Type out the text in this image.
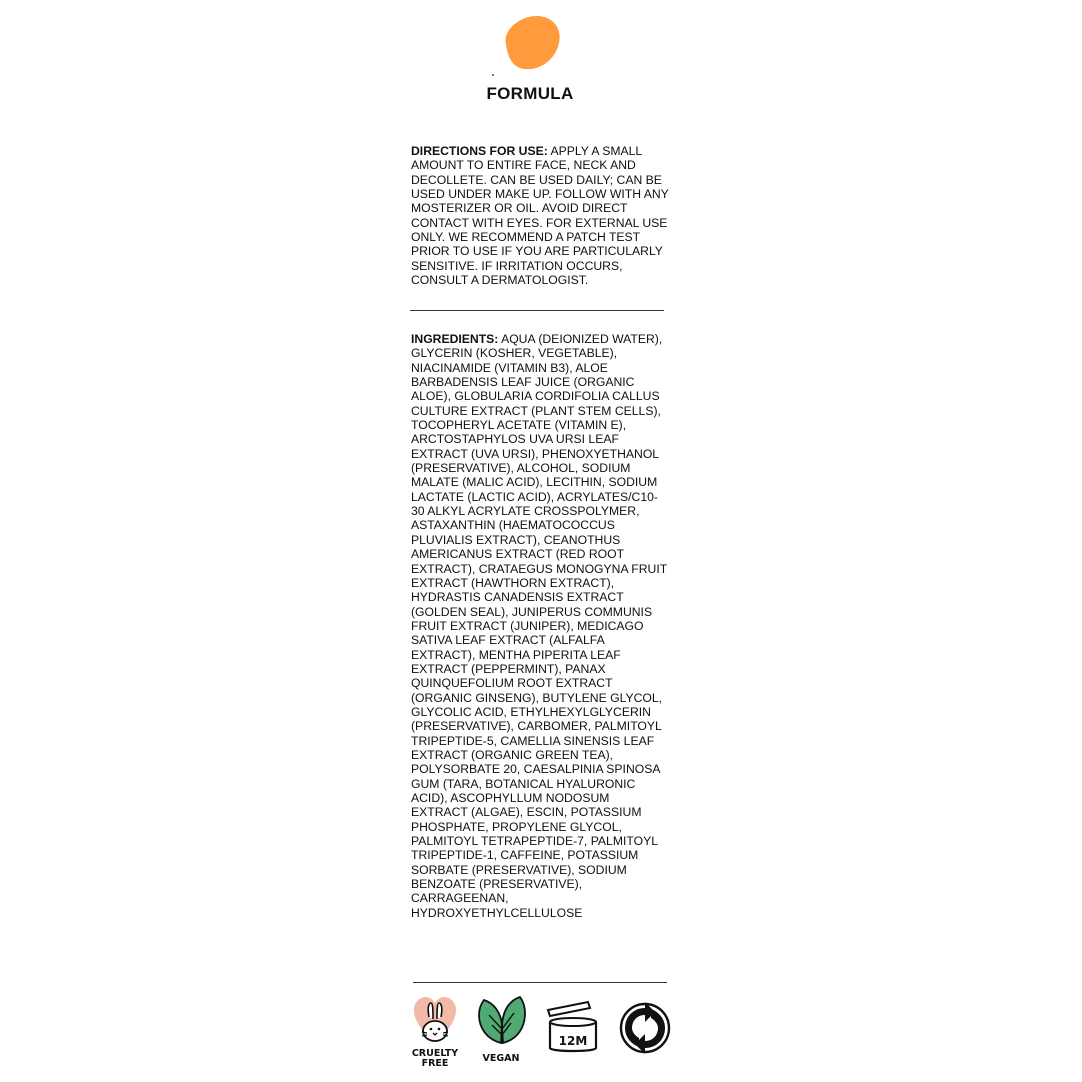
FORMULA
DIRECTIONS FOR USE: APPLY A SMALL AMOUNT TO ENTIRE FACE, NECK AND DECOLLETE. CAN BE USED DAILY; CAN BE USED UNDER MAKE UP. FOLLOW WITH ANY MOSTERIZER OR OIL. AVOID DIRECT CONTACT WITH EYES. FOR EXTERNAL USE ONLY. WE RECOMMEND A PATCH TEST PRIOR TO USE IF YOU ARE PARTICULARLY SENSITIVE. IF IRRITATION OCCURS, CONSULT A DERMATOLOGIST.
INGREDIENTS: AQUA (DEIONIZED WATER), GLYCERIN (KOSHER, VEGETABLE), NIACINAMIDE (VITAMIN B3), ALOE BARBADENSIS LEAF JUICE (ORGANIC ALOE), GLOBULARIA CORDIFOLIA CALLUS CULTURE EXTRACT (PLANT STEM CELLS), TOCOPHERYL ACETATE (VITAMIN E), ARCTOSTAPHYLOS UVA URSI LEAF EXTRACT (UVA URSI), PHENOXYETHANOL (PRESERVATIVE), ALCOHOL, SODIUM MALATE (MALIC ACID), LECITHIN, SODIUM LACTATE (LACTIC ACID), ACRYLATES/C10-30 ALKYL ACRYLATE CROSSPOLYMER, ASTAXANTHIN (HAEMATOCOCCUS PLUVIALIS EXTRACT), CEANOTHUS AMERICANUS EXTRACT (RED ROOT EXTRACT), CRATAEGUS MONOGYNA FRUIT EXTRACT (HAWTHORN EXTRACT), HYDRASTIS CANADENSIS EXTRACT (GOLDEN SEAL), JUNIPERUS COMMUNIS FRUIT EXTRACT (JUNIPER), MEDICAGO SATIVA LEAF EXTRACT (ALFALFA EXTRACT), MENTHA PIPERITA LEAF EXTRACT (PEPPERMINT), PANAX QUINQUEFOLIUM ROOT EXTRACT (ORGANIC GINSENG), BUTYLENE GLYCOL, GLYCOLIC ACID, ETHYLHEXYLGLYCERIN (PRESERVATIVE), CARBOMER, PALMITOYL TRIPEPTIDE-5, CAMELLIA SINENSIS LEAF EXTRACT (ORGANIC GREEN TEA), POLYSORBATE 20, CAESALPINIA SPINOSA GUM (TARA, BOTANICAL HYALURONIC ACID), ASCOPHYLLUM NODOSUM EXTRACT (ALGAE), ESCIN, POTASSIUM PHOSPHATE, PROPYLENE GLYCOL, PALMITOYL TETRAPEPTIDE-7, PALMITOYL TRIPEPTIDE-1, CAFFEINE, POTASSIUM SORBATE (PRESERVATIVE), SODIUM BENZOATE (PRESERVATIVE), CARRAGEENAN, HYDROXYETHYLCELLULOSE
CRUELTY
FREE	VEGAN
12M
